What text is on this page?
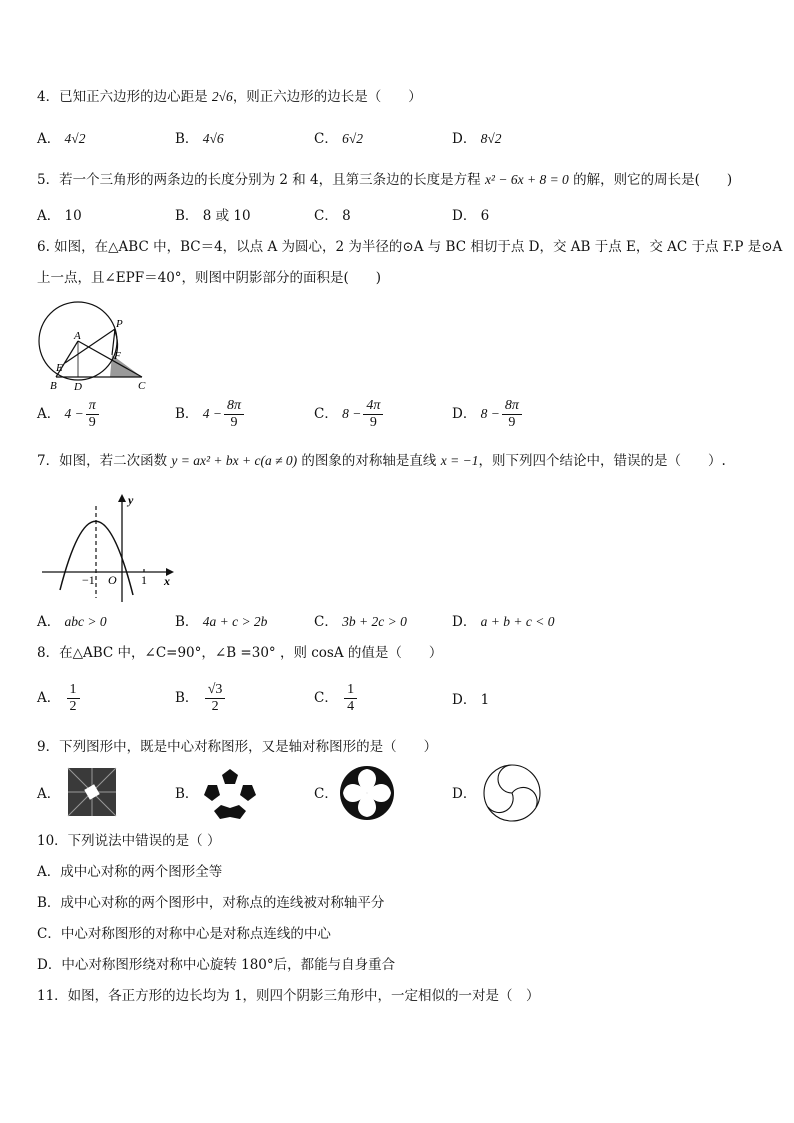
4．已知正六边形的边心距是 2√6，则正六边形的边长是（　　）
A． 4√2	B． 4√6	C． 6√2	D． 8√2
5．若一个三角形的两条边的长度分别为 2 和 4，且第三条边的长度是方程 x² − 6x + 8 = 0 的解，则它的周长是(　　)
A． 10	B． 8 或 10	C． 8	D． 6
6. 如图，在△ABC 中，BC＝4，以点 A 为圆心，2 为半径的⊙A 与 BC 相切于点 D，交 AB 于点 E，交 AC 于点 F.P 是⊙A
上一点，且∠EPF＝40°，则图中阴影部分的面积是(　　)
A
B	C
D
E
F
P
A． $4 - \frac{\pi}{9}$	B． $4 - \frac{8\pi}{9}$	C． $8 - \frac{4\pi}{9}$	D． $8 - \frac{8\pi}{9}$
7．如图，若二次函数 y = ax² + bx + c(a ≠ 0) 的图象的对称轴是直线 x = −1，则下列四个结论中，错误的是（　　）.
y
x
O
−1	1
A． abc > 0	B． 4a + c > 2b	C． 3b + 2c > 0	D． a + b + c < 0
8．在△ABC 中，∠C=90°，∠B =30° ，则 cosA 的值是（　　）
A． $\frac{1}{2}$	B． $\frac{√3}{2}$	C． $\frac{1}{4}$	D． 1
9．下列图形中，既是中心对称图形，又是轴对称图形的是（　　）
A．	B．	C．	D．
10．下列说法中错误的是（ ）
A．成中心对称的两个图形全等
B．成中心对称的两个图形中，对称点的连线被对称轴平分
C．中心对称图形的对称中心是对称点连线的中心
D．中心对称图形绕对称中心旋转 180°后，都能与自身重合
11．如图，各正方形的边长均为 1，则四个阴影三角形中，一定相似的一对是（　）
